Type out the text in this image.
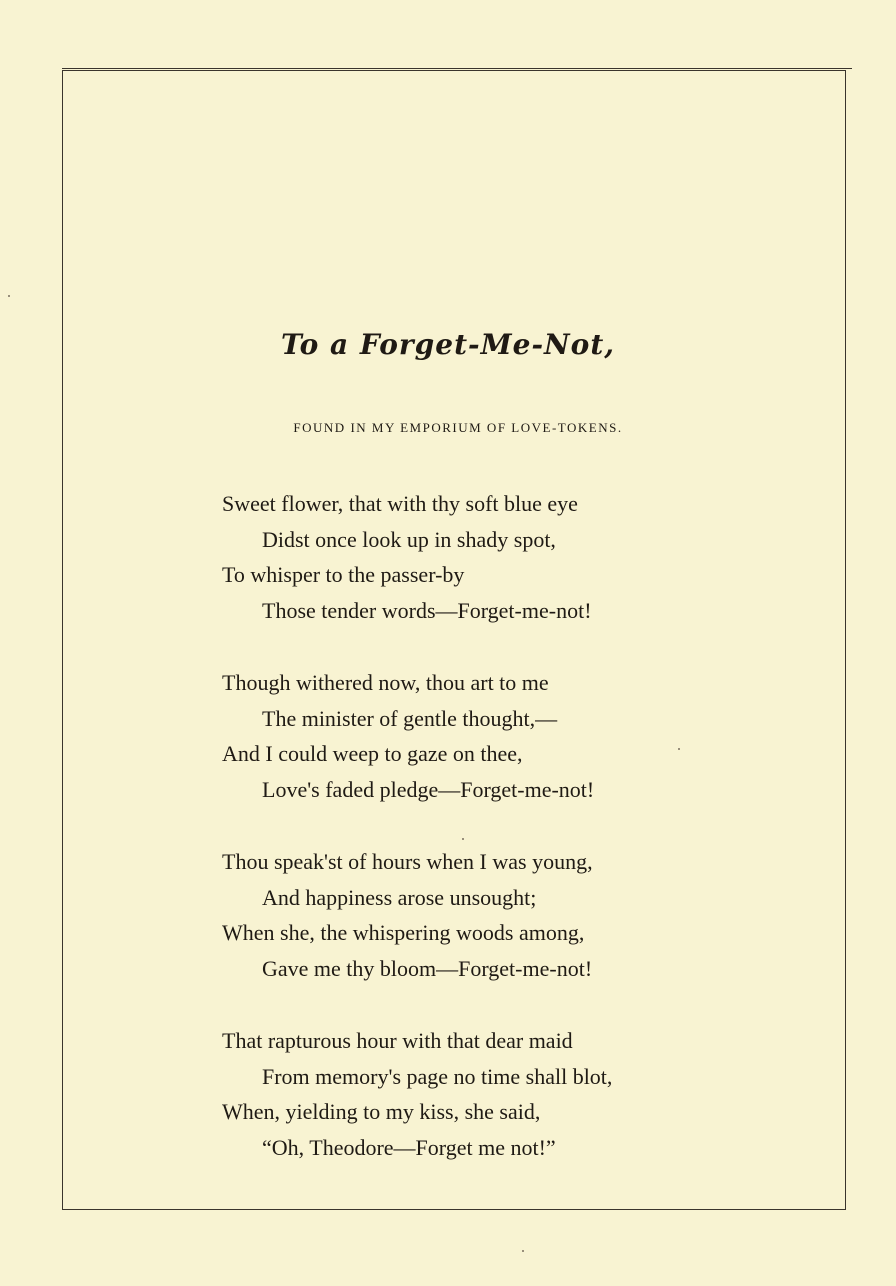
To a Forget-Me-Not,
FOUND IN MY EMPORIUM OF LOVE-TOKENS.
Sweet flower, that with thy soft blue eye
Didst once look up in shady spot,
To whisper to the passer-by
Those tender words—Forget-me-not!
Though withered now, thou art to me
The minister of gentle thought,—
And I could weep to gaze on thee,
Love's faded pledge—Forget-me-not!
Thou speak'st of hours when I was young,
And happiness arose unsought;
When she, the whispering woods among,
Gave me thy bloom—Forget-me-not!
That rapturous hour with that dear maid
From memory's page no time shall blot,
When, yielding to my kiss, she said,
“Oh, Theodore—Forget me not!”
